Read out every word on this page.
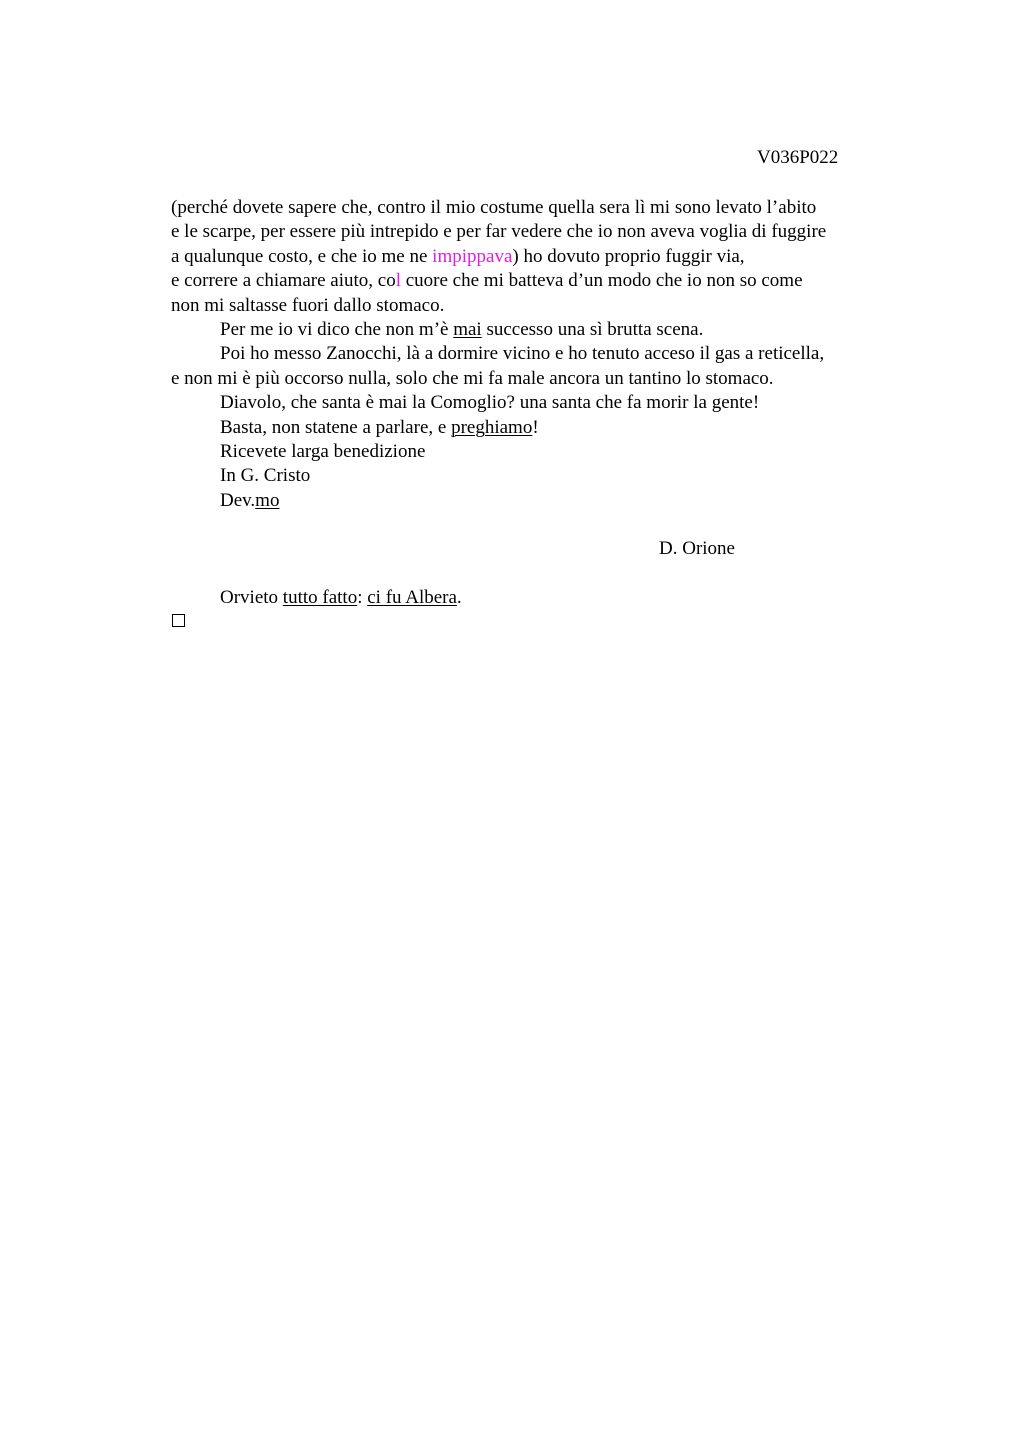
V036P022
(perché dovete sapere che, contro il mio costume quella sera lì mi sono levato l’abito
e le scarpe, per essere più intrepido e per far vedere che io non aveva voglia di fuggire
a qualunque costo, e che io me ne impippava) ho dovuto proprio fuggir via,
e correre a chiamare aiuto, col cuore che mi batteva d’un modo che io non so come
non mi saltasse fuori dallo stomaco.
Per me io vi dico che non m’è mai successo una sì brutta scena.
Poi ho messo Zanocchi, là a dormire vicino e ho tenuto acceso il gas a reticella,
e non mi è più occorso nulla, solo che mi fa male ancora un tantino lo stomaco.
Diavolo, che santa è mai la Comoglio? una santa che fa morir la gente!
Basta, non statene a parlare, e preghiamo!
Ricevete larga benedizione
In G. Cristo
Dev.mo
D. Orione
Orvieto tutto fatto: ci fu Albera.
